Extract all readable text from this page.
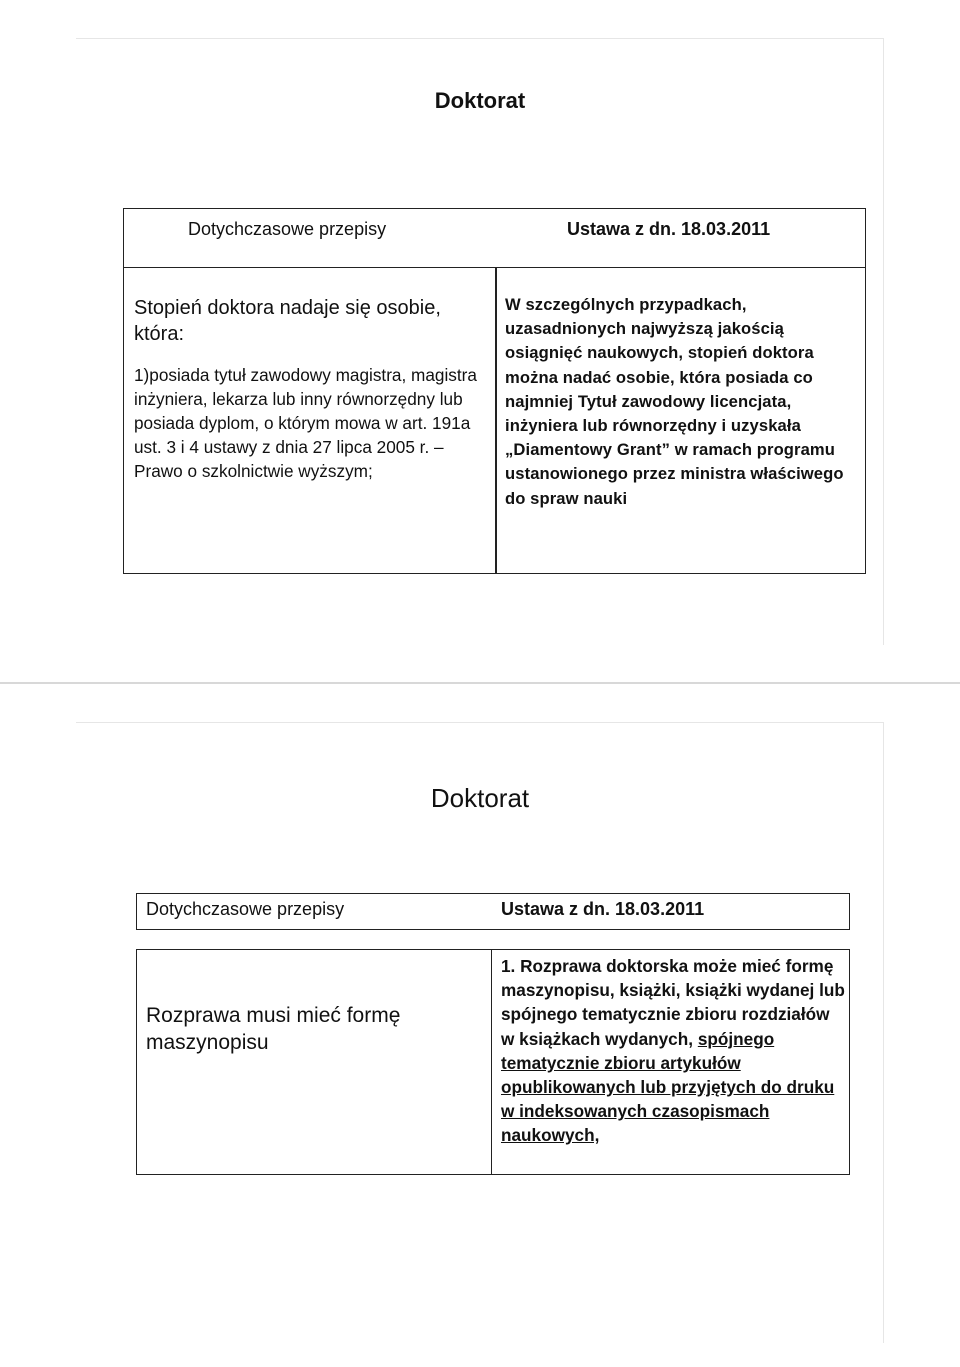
Doktorat
Dotychczasowe przepisy	Ustawa z dn. 18.03.2011
Stopień doktora nadaje się osobie, która:
1)posiada tytuł zawodowy magistra, magistra inżyniera, lekarza lub inny równorzędny lub posiada dyplom, o którym mowa w art. 191a ust. 3 i 4 ustawy z dnia 27 lipca 2005 r. – Prawo o szkolnictwie wyższym;
W szczególnych przypadkach, uzasadnionych najwyższą jakością osiągnięć naukowych, stopień doktora można nadać osobie, która posiada co najmniej Tytuł zawodowy licencjata, inżyniera lub równorzędny i uzyskała „Diamentowy Grant” w ramach programu ustanowionego przez ministra właściwego do spraw nauki
Doktorat
Dotychczasowe przepisy	Ustawa z dn. 18.03.2011
Rozprawa musi mieć formę maszynopisu
1. Rozprawa doktorska może mieć formę maszynopisu, książki, książki wydanej lub spójnego tematycznie zbioru rozdziałów w książkach wydanych, spójnego tematycznie zbioru artykułów opublikowanych lub przyjętych do druku w indeksowanych czasopismach naukowych,
